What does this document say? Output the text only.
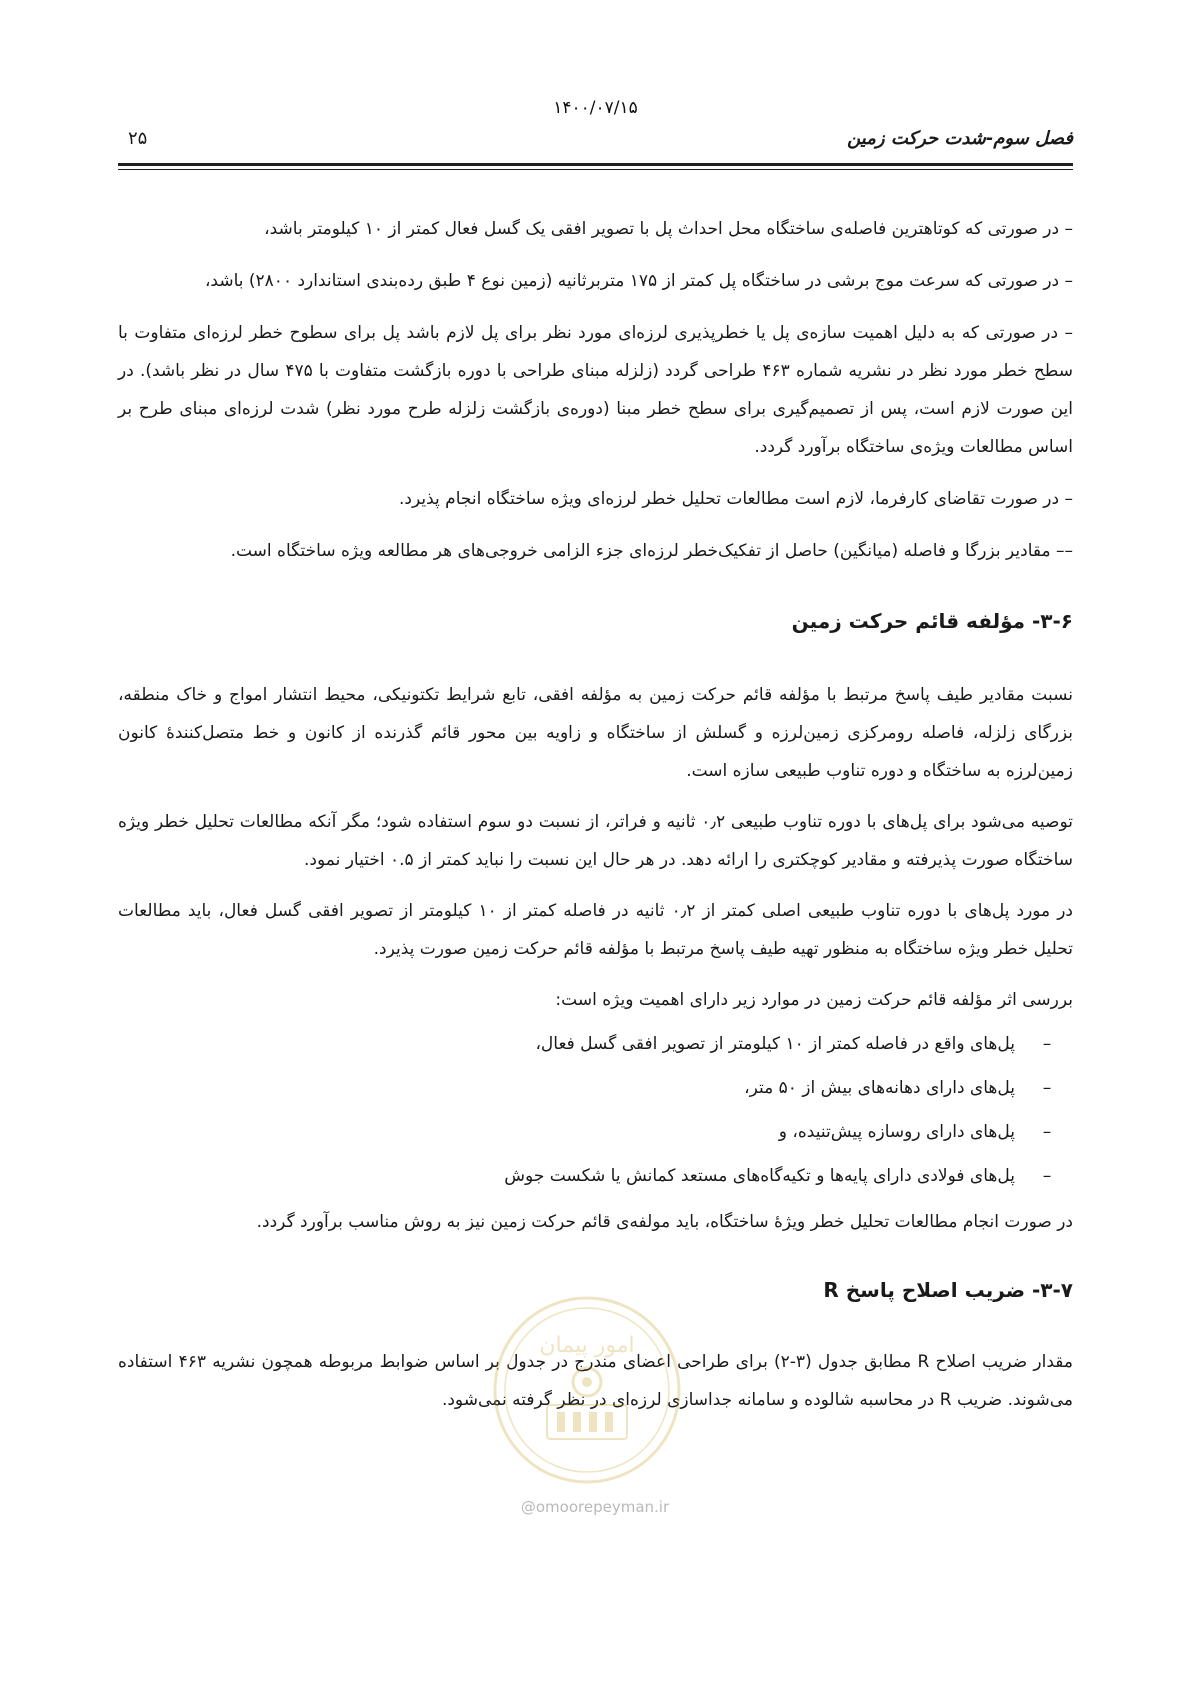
۱۴۰۰/۰۷/۱۵
فصل سوم-شدت حرکت زمین
۲۵
– در صورتی که کوتاهترین فاصله‌ی ساختگاه محل احداث پل با تصویر افقی یک گسل فعال کمتر از ۱۰ کیلومتر باشد،
– در صورتی که سرعت موج برشی در ساختگاه پل کمتر از ۱۷۵ متربرثانیه (زمین نوع ۴ طبق رده‌بندی استاندارد ۲۸۰۰) باشد،
– در صورتی که به دلیل اهمیت سازه‌ی پل یا خطرپذیری لرزه‌ای مورد نظر برای پل لازم باشد پل برای سطوح خطر لرزه‌ای متفاوت با سطح خطر مورد نظر در نشریه شماره ۴۶۳ طراحی گردد (زلزله مبنای طراحی با دوره بازگشت متفاوت با ۴۷۵ سال در نظر باشد). در این صورت لازم است، پس از تصمیم‌گیری برای سطح خطر مبنا (دوره‌ی بازگشت زلزله طرح مورد نظر) شدت لرزه‌ای مبنای طرح بر اساس مطالعات ویژه‌ی ساختگاه برآورد گردد.
– در صورت تقاضای کارفرما، لازم است مطالعات تحلیل خطر لرزه‌ای ویژه ساختگاه انجام پذیرد.
–– مقادیر بزرگا و فاصله (میانگین) حاصل از تفکیک‌خطر لرزه‌ای جزء الزامی خروجی‌های هر مطالعه ویژه ساختگاه است.
۳-۶- مؤلفه قائم حرکت زمین

نسبت مقادیر طیف پاسخ مرتبط با مؤلفه قائم حرکت زمین به مؤلفه افقی، تابع شرایط تکتونیکی، محیط انتشار امواج و خاک منطقه، بزرگای زلزله، فاصله رومرکزی زمین‌لرزه و گسلش از ساختگاه و زاویه بین محور قائم گذرنده از کانون و خط متصل‌کنندهٔ کانون زمین‌لرزه به ساختگاه و دوره تناوب طبیعی سازه است.

توصیه می‌شود برای پل‌های با دوره تناوب طبیعی ۰٫۲ ثانیه و فراتر، از نسبت دو سوم استفاده شود؛ مگر آنکه مطالعات تحلیل خطر ویژه ساختگاه صورت پذیرفته و مقادیر کوچکتری را ارائه دهد. در هر حال این نسبت را نباید کمتر از ۰.۵ اختیار نمود.

در مورد پل‌های با دوره تناوب طبیعی اصلی کمتر از ۰٫۲ ثانیه در فاصله کمتر از ۱۰ کیلومتر از تصویر افقی گسل فعال، باید مطالعات تحلیل خطر ویژه ساختگاه به منظور تهیه طیف پاسخ مرتبط با مؤلفه قائم حرکت زمین صورت پذیرد.

بررسی اثر مؤلفه قائم حرکت زمین در موارد زیر دارای اهمیت ویژه است:

–
پل‌های واقع در فاصله کمتر از ۱۰ کیلومتر از تصویر افقی گسل فعال،
–
پل‌های دارای دهانه‌های بیش از ۵۰ متر،
–
پل‌های دارای روسازه پیش‌تنیده، و
–
پل‌های فولادی دارای پایه‌ها و تکیه‌گاه‌های مستعد کمانش یا شکست جوش

در صورت انجام مطالعات تحلیل خطر ویژهٔ ساختگاه، باید مولفه‌ی قائم حرکت زمین نیز به روش مناسب برآورد گردد.

۳-۷- ضریب اصلاح پاسخ R

مقدار ضریب اصلاح R مطابق جدول (۳-۲) برای طراحی اعضای مندرج در جدول بر اساس ضوابط مربوطه همچون نشریه ۴۶۳ استفاده می‌شوند. ضریب R در محاسبه شالوده و سامانه جداسازی لرزه‌ای در نظر گرفته نمی‌شود.

امور پیمان
@omoorepeyman.ir
